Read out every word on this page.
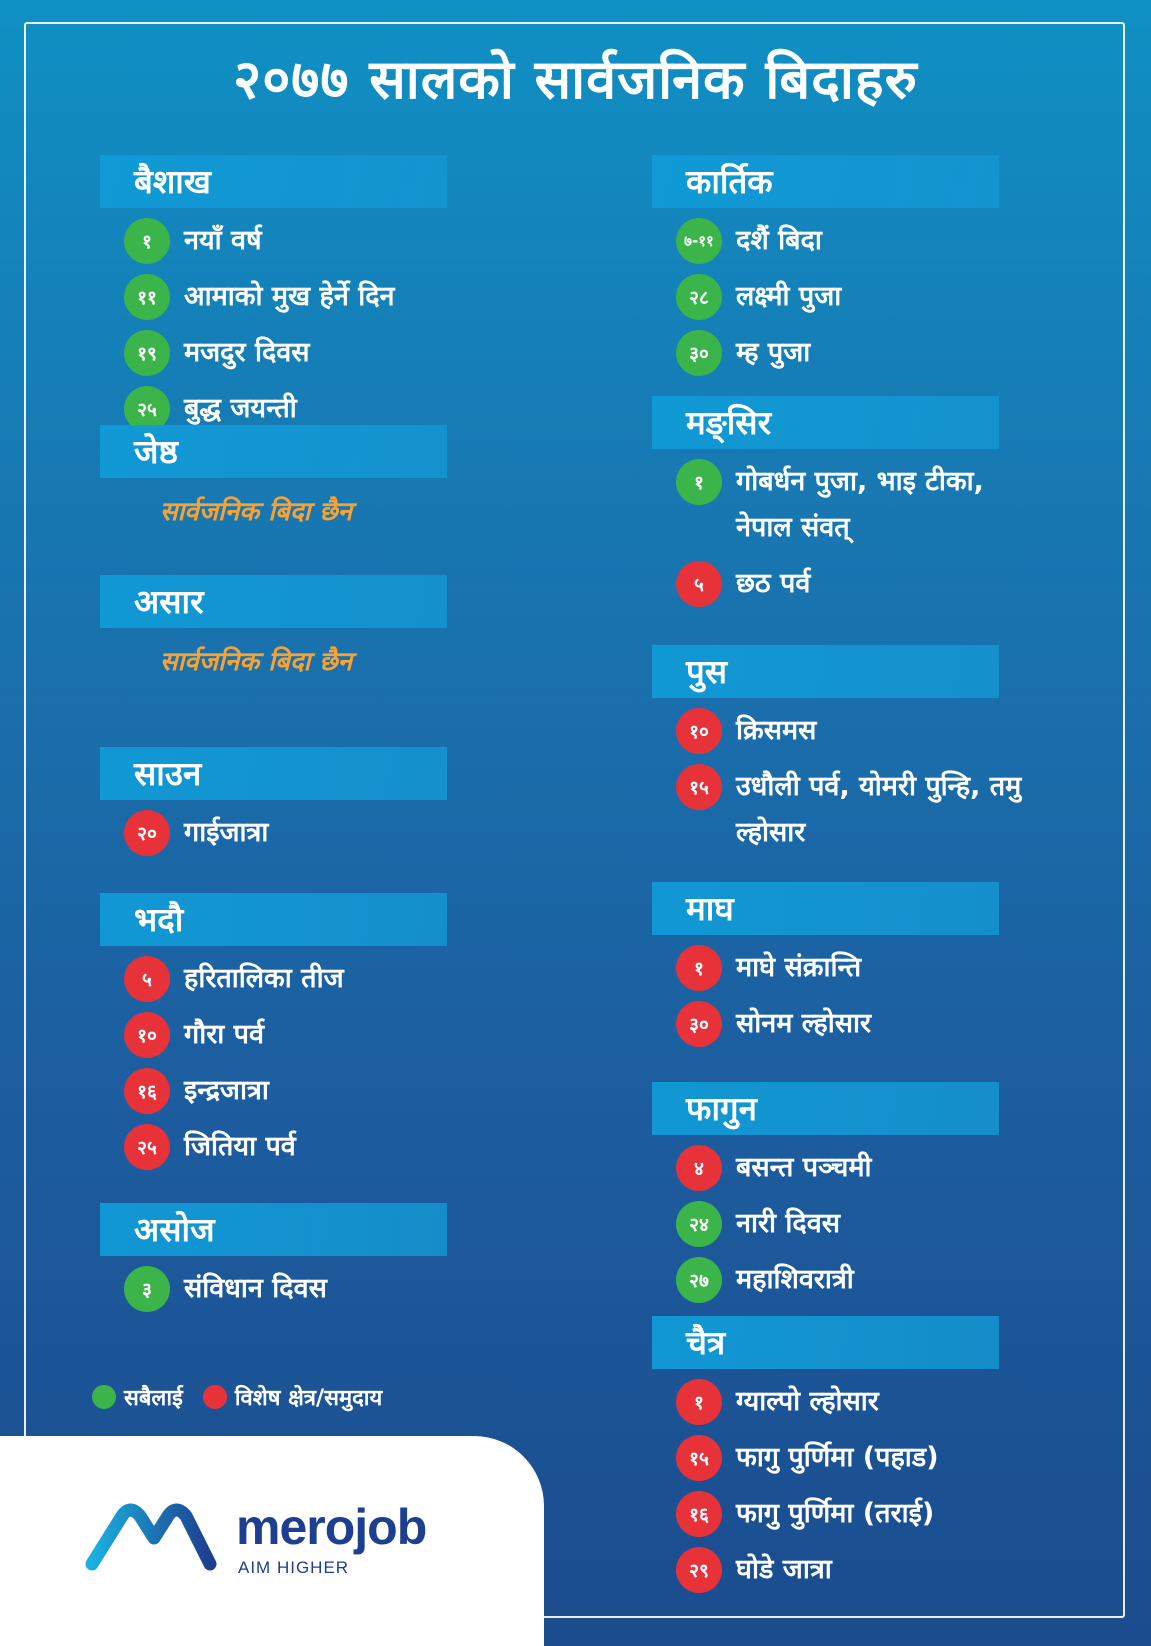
२०७७ सालको सार्वजनिक बिदाहरु
बैशाख
१	नयाँ वर्ष
११	आमाको मुख हेर्ने दिन
१९	मजदुर दिवस
२५	बुद्ध जयन्ती
जेष्ठ
सार्वजनिक बिदा छैन
असार
सार्वजनिक बिदा छैन
साउन
२०	गाईजात्रा
भदौ
५	हरितालिका तीज
१०	गौरा पर्व
१६	इन्द्रजात्रा
२५	जितिया पर्व
असोज
३	संविधान दिवस
कार्तिक
७-११ दशैं बिदा
२८	लक्ष्मी पुजा
३०	म्ह पुजा
मङ्सिर
१	गोबर्धन पुजा, भाइ टीका, नेपाल संवत्
५	छठ पर्व
पुस
१०	क्रिसमस
१५	उधौली पर्व, योमरी पुन्हि, तमु ल्होसार
माघ
१	माघे संक्रान्ति
३०	सोनम ल्होसार
फागुन
४	बसन्त पञ्चमी
२४	नारी दिवस
२७	महाशिवरात्री
चैत्र
१	ग्याल्पो ल्होसार
१५	फागु पुर्णिमा (पहाड)
१६	फागु पुर्णिमा (तराई)
२९	घोडे जात्रा
सबैलाई विशेष क्षेत्र/समुदाय
merojob
AIM HIGHER
